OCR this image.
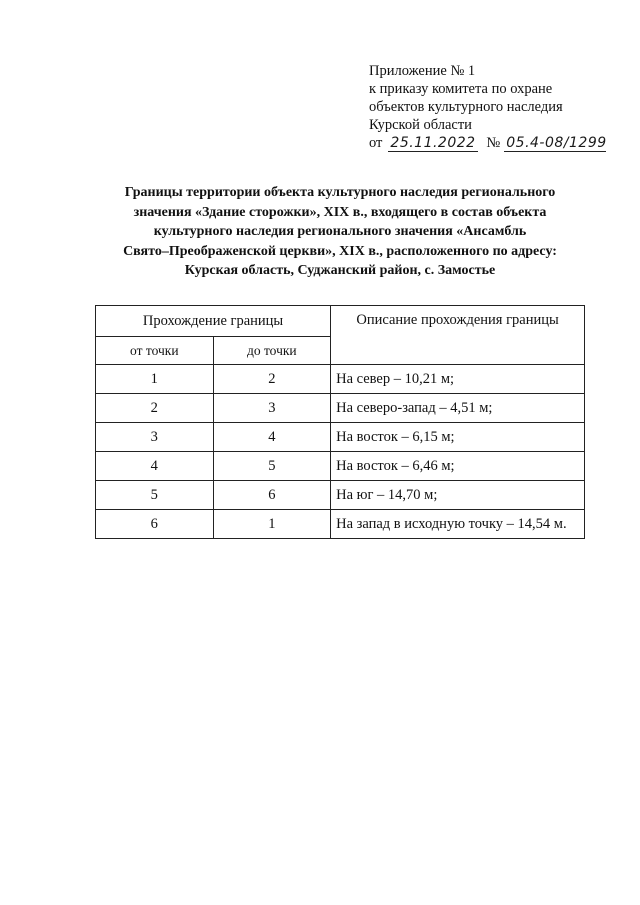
Приложение № 1
к приказу комитета по охране
объектов культурного наследия
Курской области
от 25.11.2022 № 05.4-08/1299
Границы территории объекта культурного наследия регионального
значения «Здание сторожки», XIX в., входящего в состав объекта
культурного наследия регионального значения «Ансамбль
Свято–Преображенской церкви», XIX в., расположенного по адресу:
Курская область, Суджанский район, с. Замостье
Прохождение границы		Описание прохождения границы
от точки	до точки	
1	2	На север – 10,21 м;
2	3	На северо-запад – 4,51 м;
3	4	На восток – 6,15 м;
4	5	На восток – 6,46 м;
5	6	На юг – 14,70 м;
6	1	На запад в исходную точку – 14,54 м.
